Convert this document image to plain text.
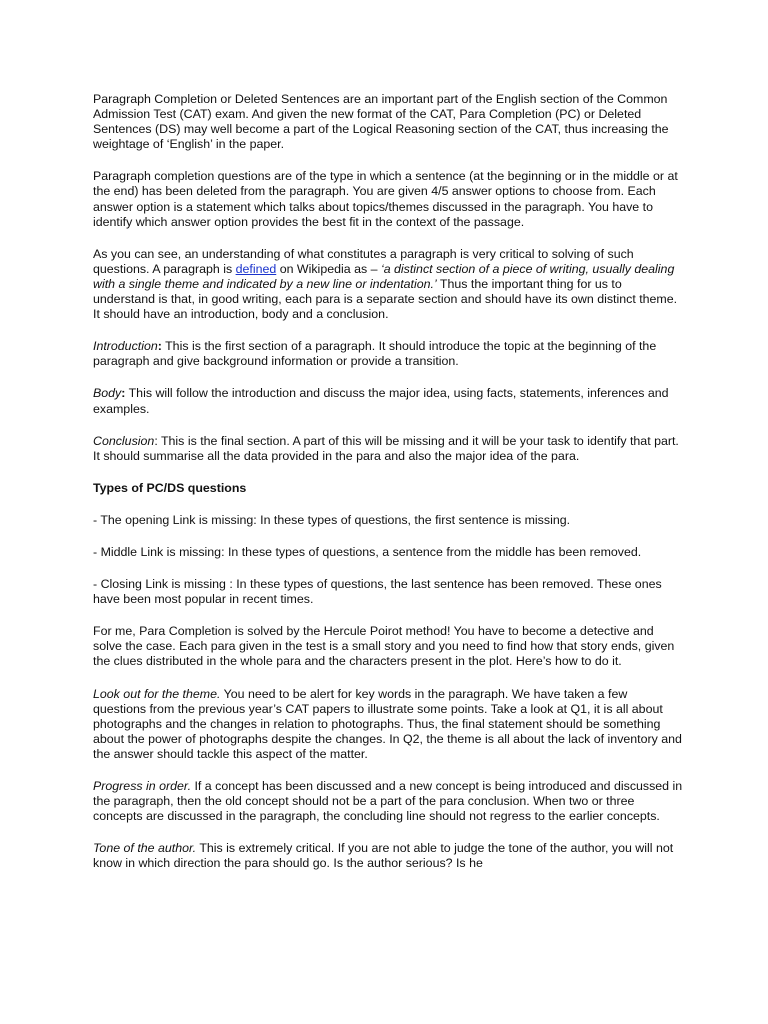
Paragraph Completion or Deleted Sentences are an important part of the English section of the Common Admission Test (CAT) exam. And given the new format of the CAT, Para Completion (PC) or Deleted Sentences (DS) may well become a part of the Logical Reasoning section of the CAT, thus increasing the weightage of ‘English’ in the paper.

Paragraph completion questions are of the type in which a sentence (at the beginning or in the middle or at the end) has been deleted from the paragraph. You are given 4/5 answer options to choose from. Each answer option is a statement which talks about topics/themes discussed in the paragraph. You have to identify which answer option provides the best fit in the context of the passage.

As you can see, an understanding of what constitutes a paragraph is very critical to solving of such questions. A paragraph is defined on Wikipedia as – ‘a distinct section of a piece of writing, usually dealing with a single theme and indicated by a new line or indentation.’ Thus the important thing for us to understand is that, in good writing, each para is a separate section and should have its own distinct theme. It should have an introduction, body and a conclusion.

Introduction: This is the first section of a paragraph. It should introduce the topic at the beginning of the paragraph and give background information or provide a transition.

Body: This will follow the introduction and discuss the major idea, using facts, statements, inferences and examples.

Conclusion: This is the final section. A part of this will be missing and it will be your task to identify that part. It should summarise all the data provided in the para and also the major idea of the para.

Types of PC/DS questions

- The opening Link is missing: In these types of questions, the first sentence is missing.

- Middle Link is missing: In these types of questions, a sentence from the middle has been removed.

- Closing Link is missing : In these types of questions, the last sentence has been removed. These ones have been most popular in recent times.

For me, Para Completion is solved by the Hercule Poirot method! You have to become a detective and solve the case. Each para given in the test is a small story and you need to find how that story ends, given the clues distributed in the whole para and the characters present in the plot. Here’s how to do it.

Look out for the theme. You need to be alert for key words in the paragraph. We have taken a few questions from the previous year’s CAT papers to illustrate some points. Take a look at Q1, it is all about photographs and the changes in relation to photographs. Thus, the final statement should be something about the power of photographs despite the changes. In Q2, the theme is all about the lack of inventory and the answer should tackle this aspect of the matter.

Progress in order. If a concept has been discussed and a new concept is being introduced and discussed in the paragraph, then the old concept should not be a part of the para conclusion. When two or three concepts are discussed in the paragraph, the concluding line should not regress to the earlier concepts.

Tone of the author. This is extremely critical. If you are not able to judge the tone of the author, you will not know in which direction the para should go. Is the author serious? Is he
